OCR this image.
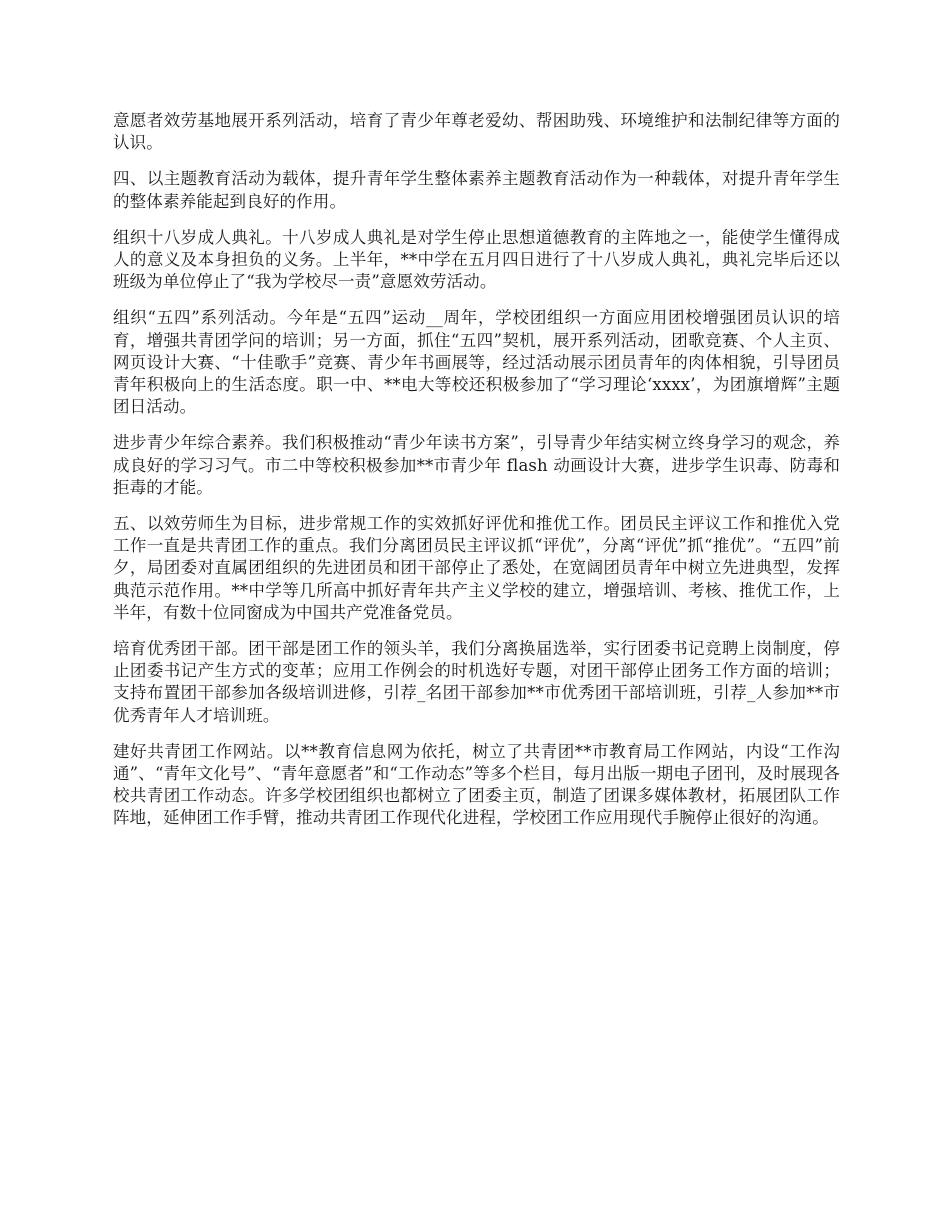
意愿者效劳基地展开系列活动，培育了青少年尊老爱幼、帮困助残、环境维护和法制纪律等方面的认识。

四、以主题教育活动为载体，提升青年学生整体素养主题教育活动作为一种载体，对提升青年学生的整体素养能起到良好的作用。

组织十八岁成人典礼。十八岁成人典礼是对学生停止思想道德教育的主阵地之一，能使学生懂得成人的意义及本身担负的义务。上半年，**中学在五月四日进行了十八岁成人典礼，典礼完毕后还以班级为单位停止了“我为学校尽一责”意愿效劳活动。

组织“五四”系列活动。今年是“五四”运动__周年，学校团组织一方面应用团校增强团员认识的培育，增强共青团学问的培训；另一方面，抓住“五四”契机，展开系列活动，团歌竞赛、个人主页、网页设计大赛、“十佳歌手”竞赛、青少年书画展等，经过活动展示团员青年的肉体相貌，引导团员青年积极向上的生活态度。职一中、**电大等校还积极参加了“学习理论‘xxxx’，为团旗增辉”主题团日活动。

进步青少年综合素养。我们积极推动“青少年读书方案”，引导青少年结实树立终身学习的观念，养成良好的学习习气。市二中等校积极参加**市青少年 flash 动画设计大赛，进步学生识毒、防毒和拒毒的才能。

五、以效劳师生为目标，进步常规工作的实效抓好评优和推优工作。团员民主评议工作和推优入党工作一直是共青团工作的重点。我们分离团员民主评议抓“评优”，分离“评优”抓“推优”。“五四”前夕，局团委对直属团组织的先进团员和团干部停止了悉处，在宽阔团员青年中树立先进典型，发挥典范示范作用。**中学等几所高中抓好青年共产主义学校的建立，增强培训、考核、推优工作，上半年，有数十位同窗成为中国共产党准备党员。

培育优秀团干部。团干部是团工作的领头羊，我们分离换届选举，实行团委书记竞聘上岗制度，停止团委书记产生方式的变革；应用工作例会的时机选好专题，对团干部停止团务工作方面的培训；支持布置团干部参加各级培训进修，引荐_名团干部参加**市优秀团干部培训班，引荐_人参加**市优秀青年人才培训班。

建好共青团工作网站。以**教育信息网为依托，树立了共青团**市教育局工作网站，内设“工作沟通”、“青年文化号”、“青年意愿者”和“工作动态”等多个栏目，每月出版一期电子团刊，及时展现各校共青团工作动态。许多学校团组织也都树立了团委主页，制造了团课多媒体教材，拓展团队工作阵地，延伸团工作手臂，推动共青团工作现代化进程，学校团工作应用现代手腕停止很好的沟通。
